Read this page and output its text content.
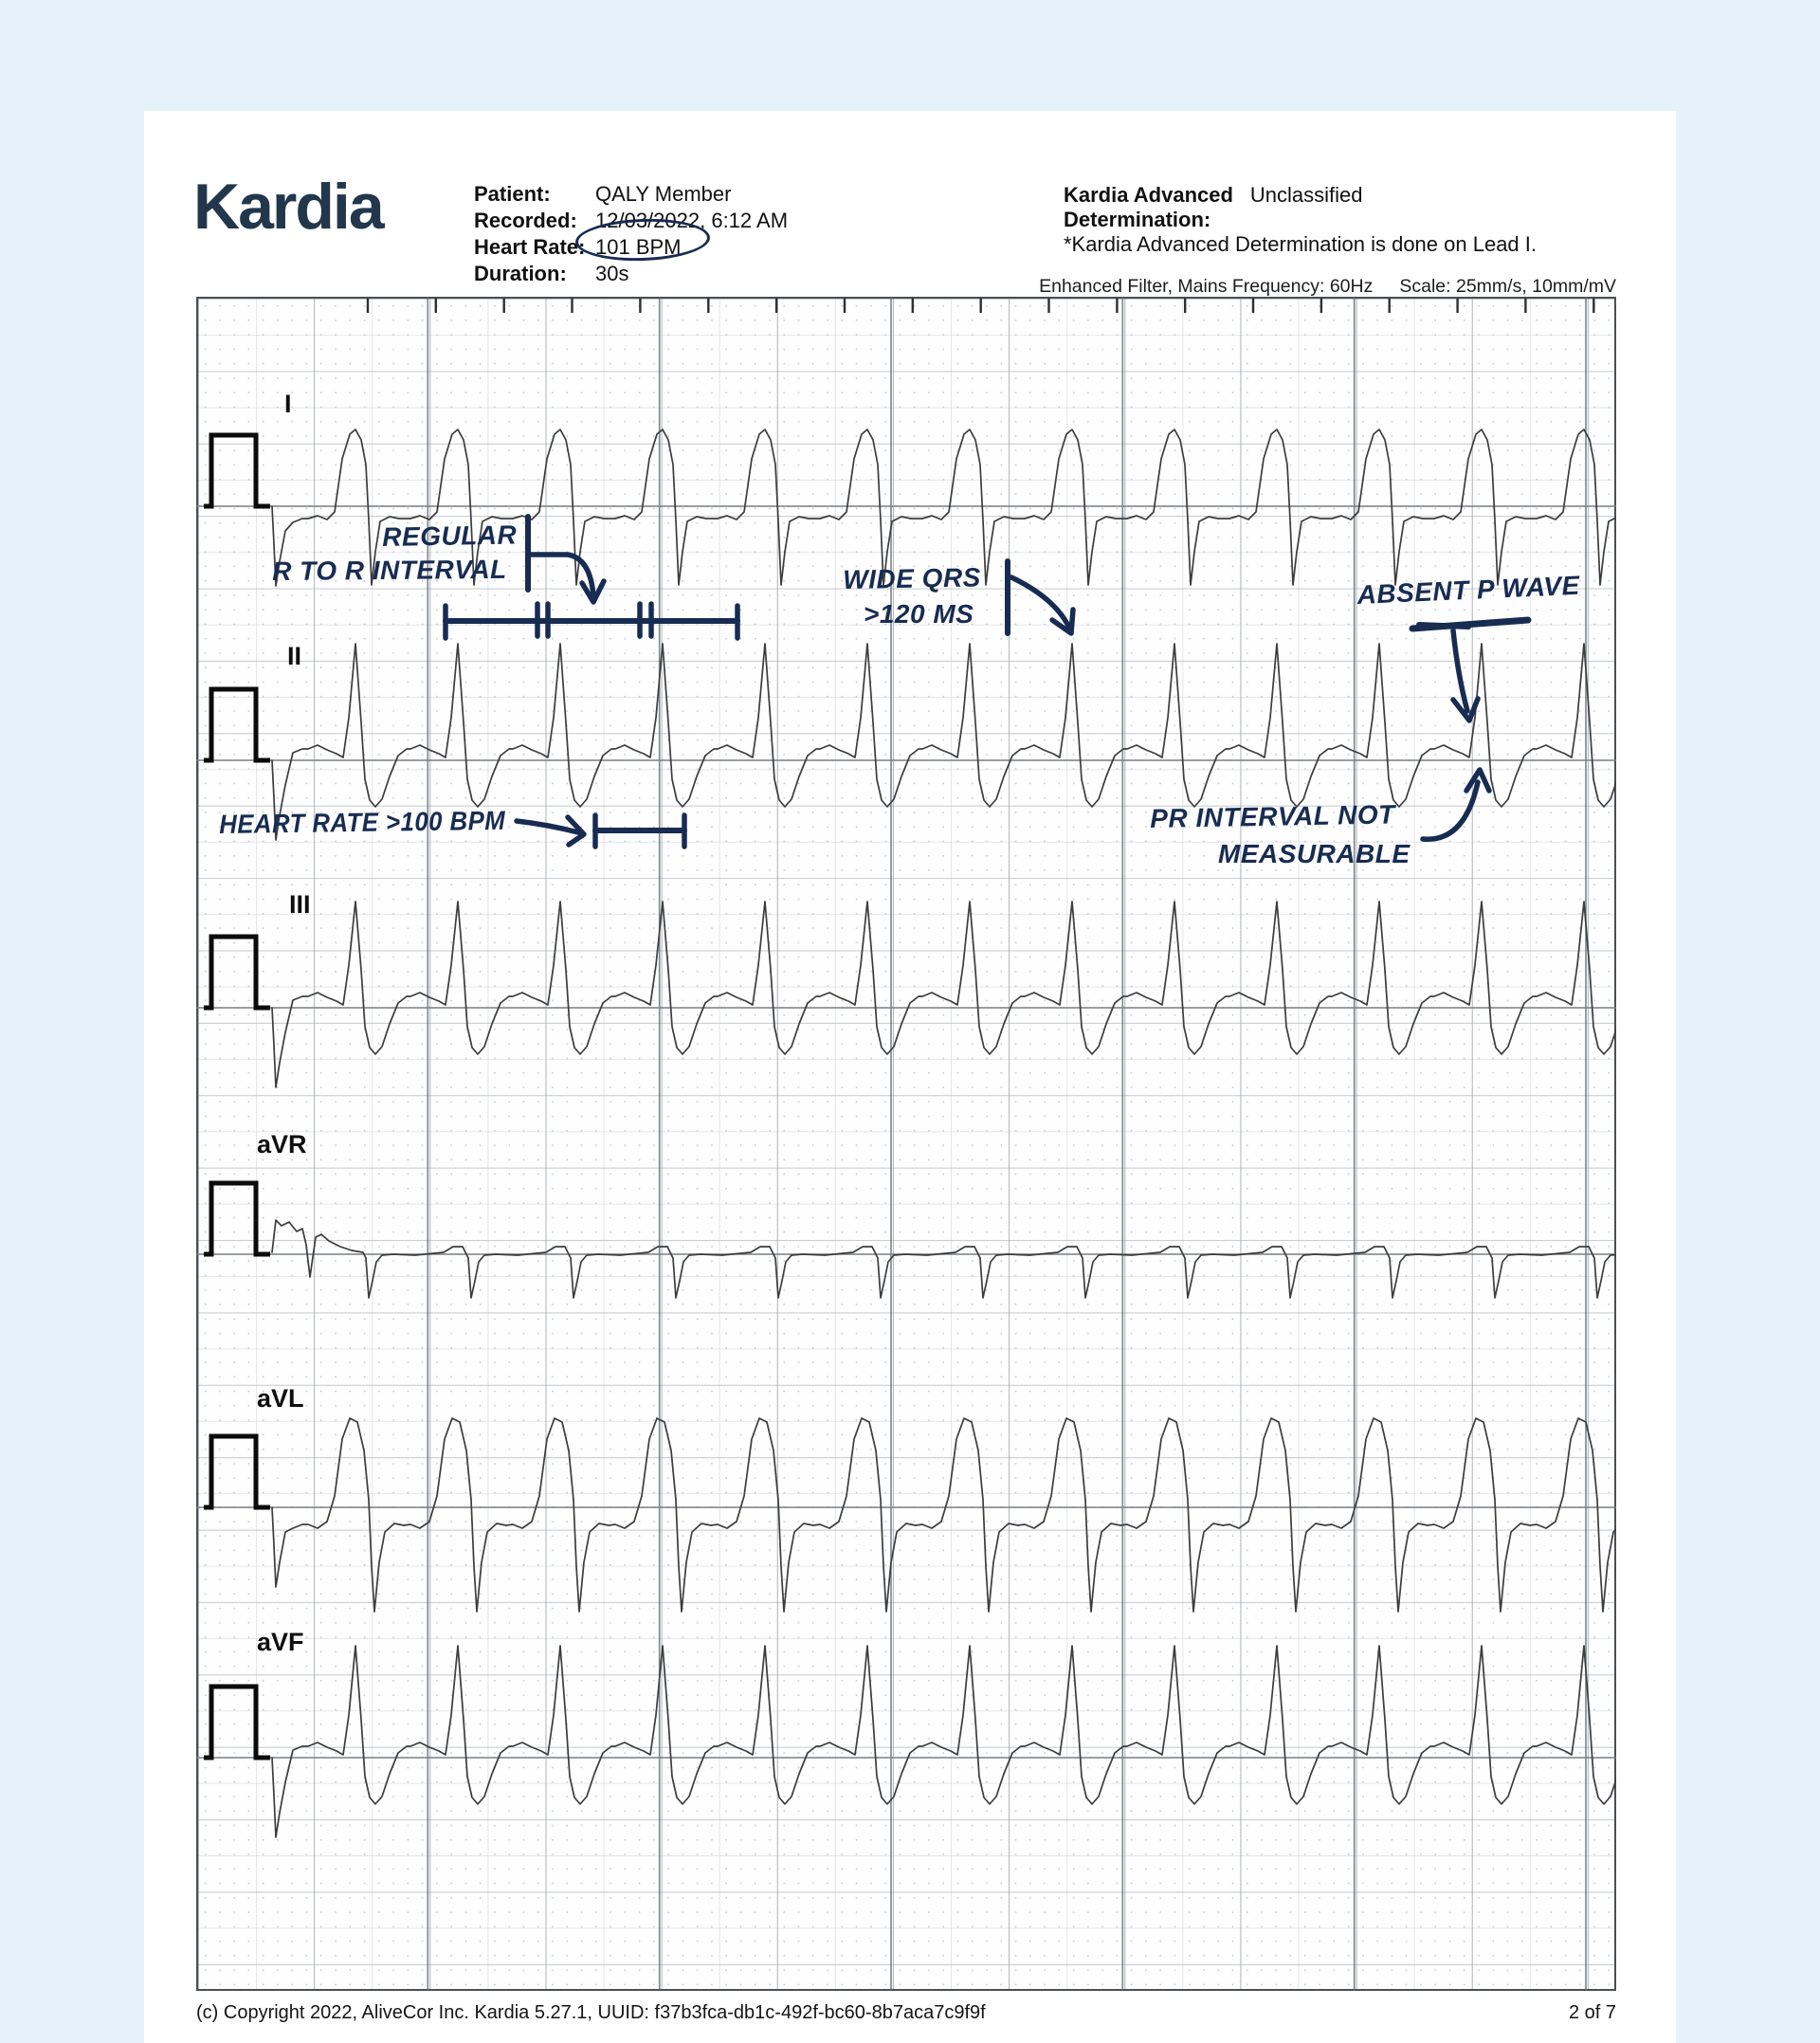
Kardia	Patient:	QALY Member
Recorded: 12/03/2022, 6:12 AM
Heart Rate: 101 BPM
Duration:	30s
Kardia Advanced Unclassified
Determination:
*Kardia Advanced Determination is done on Lead I.
Enhanced Filter, Mains Frequency: 60Hz Scale: 25mm/s, 10mm/mV
I
II
III
aVR
aVL
aVF
REGULAR
R TO R INTERVAL	WIDE QRS
>120 MS
ABSENT P WAVE
HEART RATE >100 BPM	PR INTERVAL NOT
MEASURABLE
(c) Copyright 2022, AliveCor Inc. Kardia 5.27.1, UUID: f37b3fca-db1c-492f-bc60-8b7aca7c9f9f	2 of 7
